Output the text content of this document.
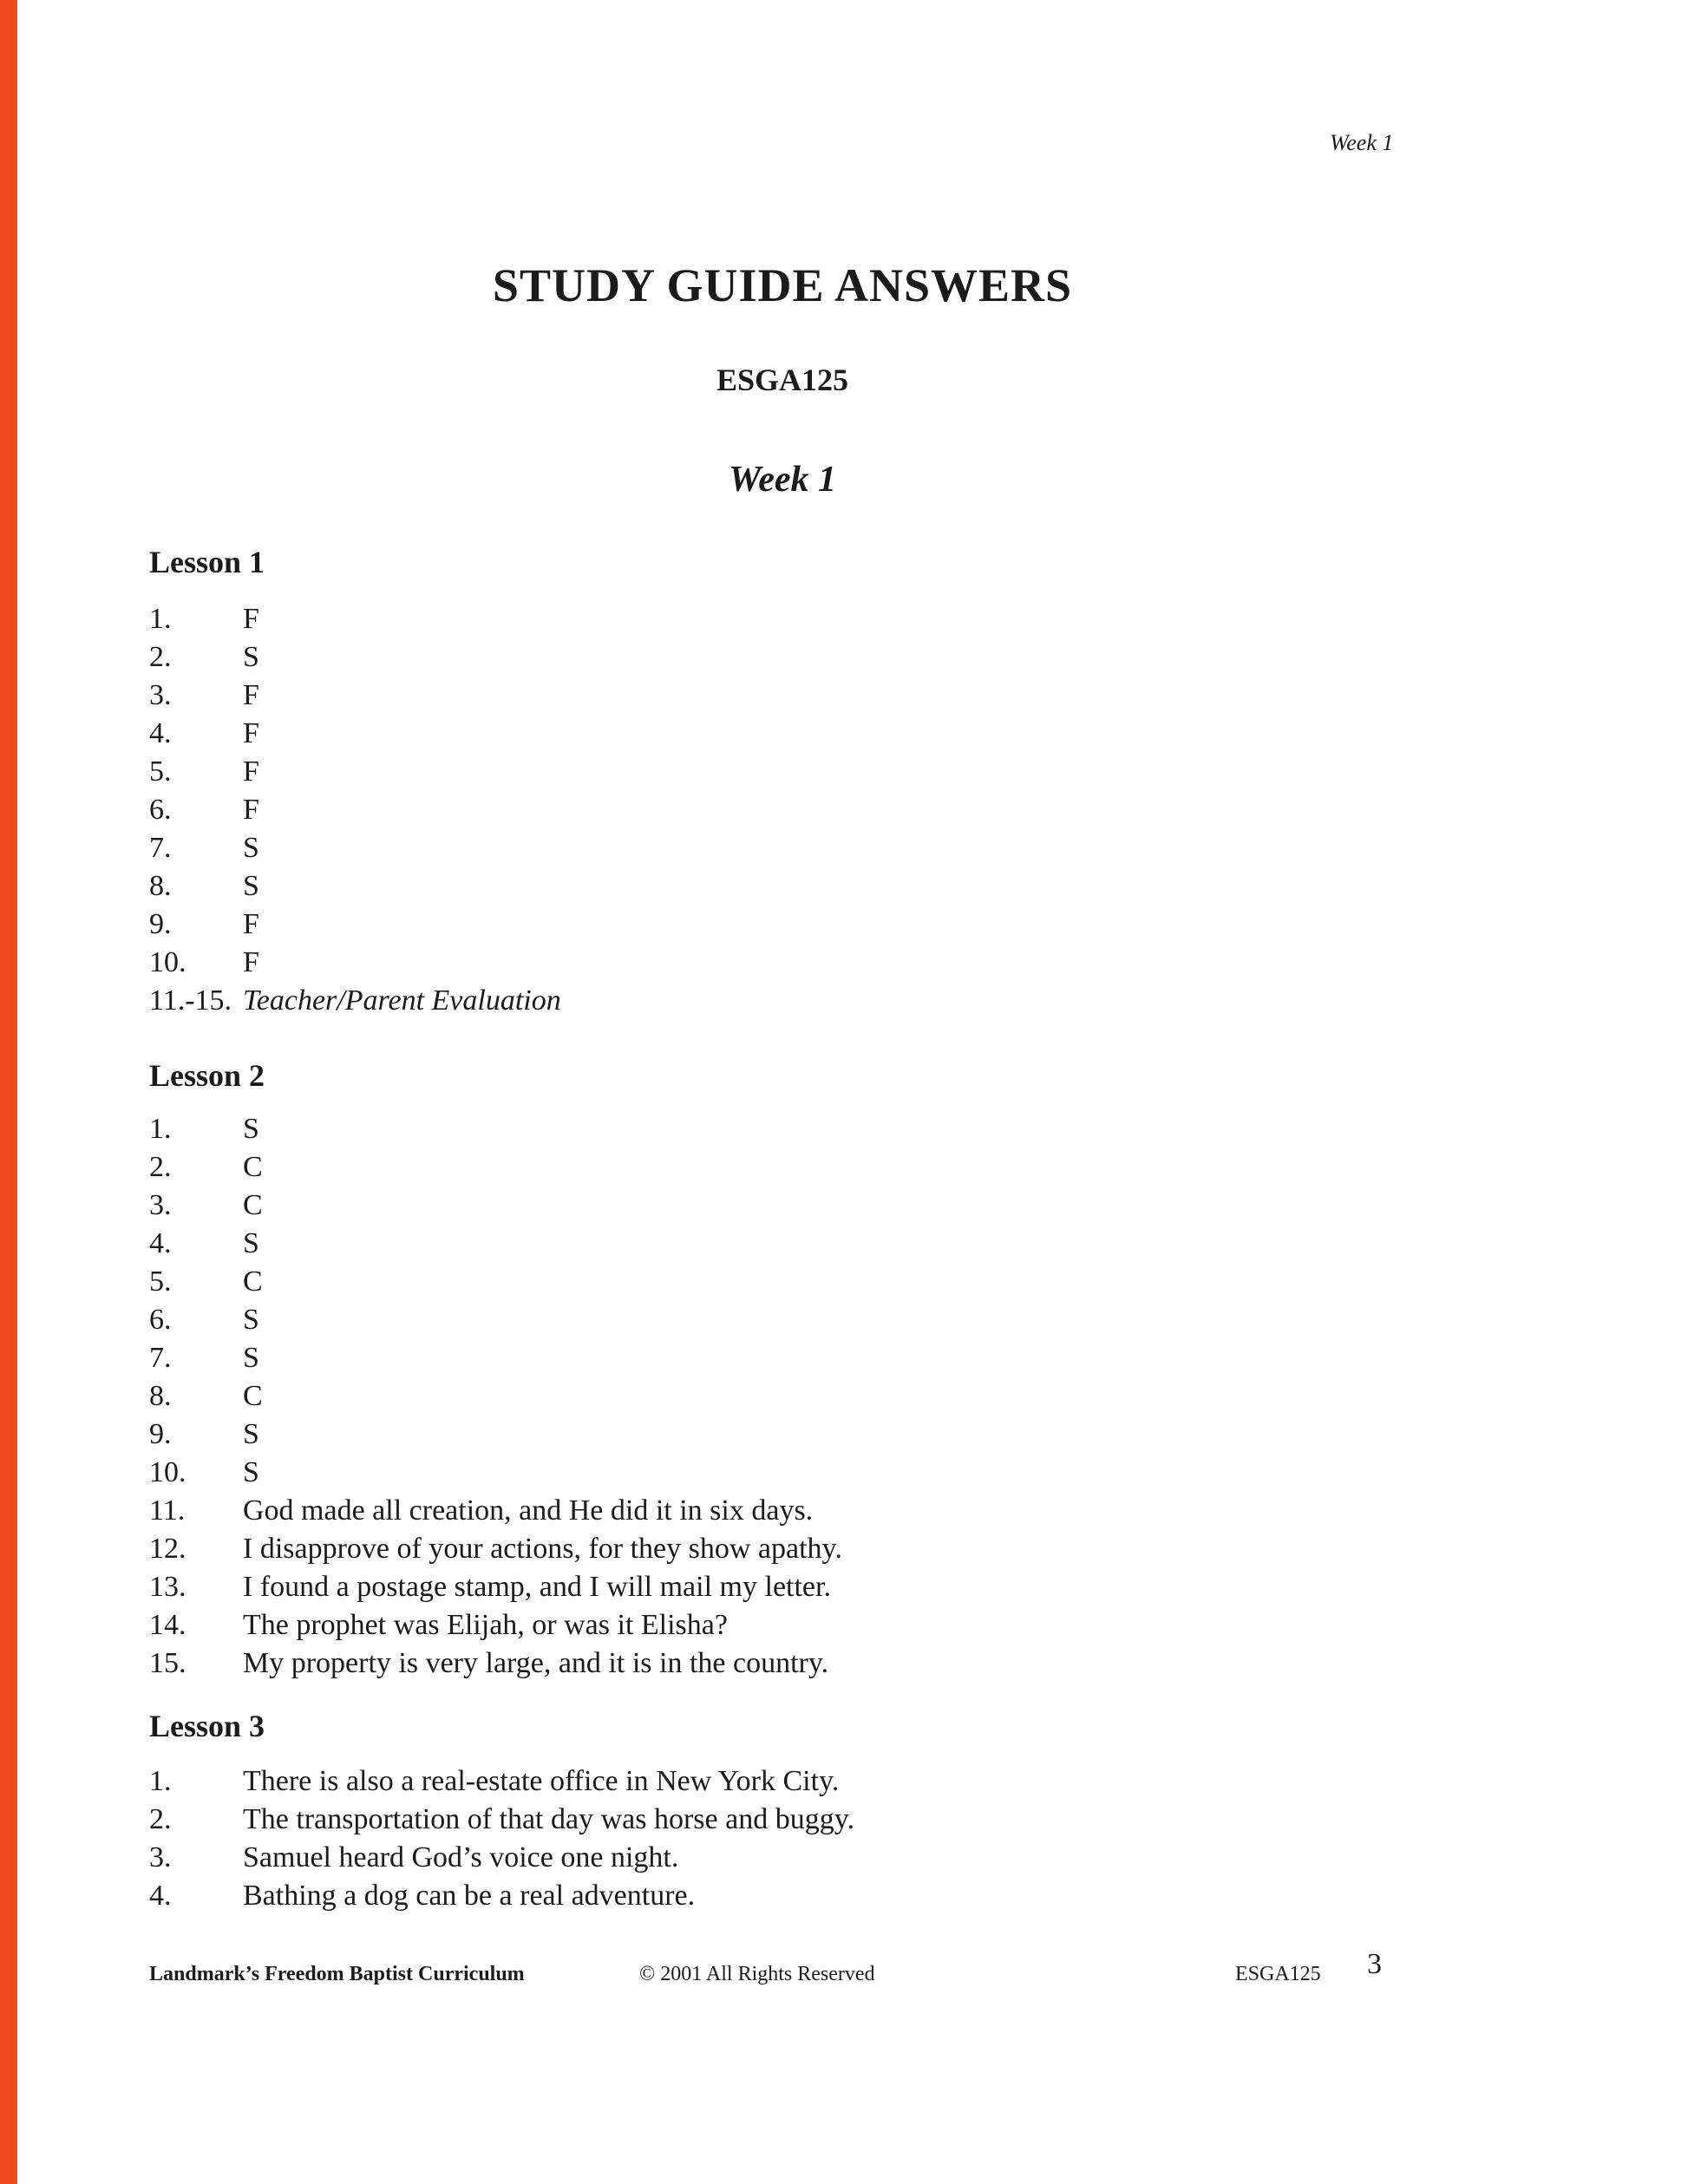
Week 1
STUDY GUIDE ANSWERS
ESGA125
Week 1
Lesson 1
1. F
2. S
3. F
4. F
5. F
6. F
7. S
8. S
9. F
10. F
11.-15. Teacher/Parent Evaluation
Lesson 2
1. S
2. C
3. C
4. S
5. C
6. S
7. S
8. C
9. S
10. S
11. God made all creation, and He did it in six days.
12. I disapprove of your actions, for they show apathy.
13. I found a postage stamp, and I will mail my letter.
14. The prophet was Elijah, or was it Elisha?
15. My property is very large, and it is in the country.
Lesson 3
1. There is also a real-estate office in New York City.
2. The transportation of that day was horse and buggy.
3. Samuel heard God’s voice one night.
4. Bathing a dog can be a real adventure.
Landmark’s Freedom Baptist Curriculum	© 2001 All Rights Reserved	ESGA125 3
